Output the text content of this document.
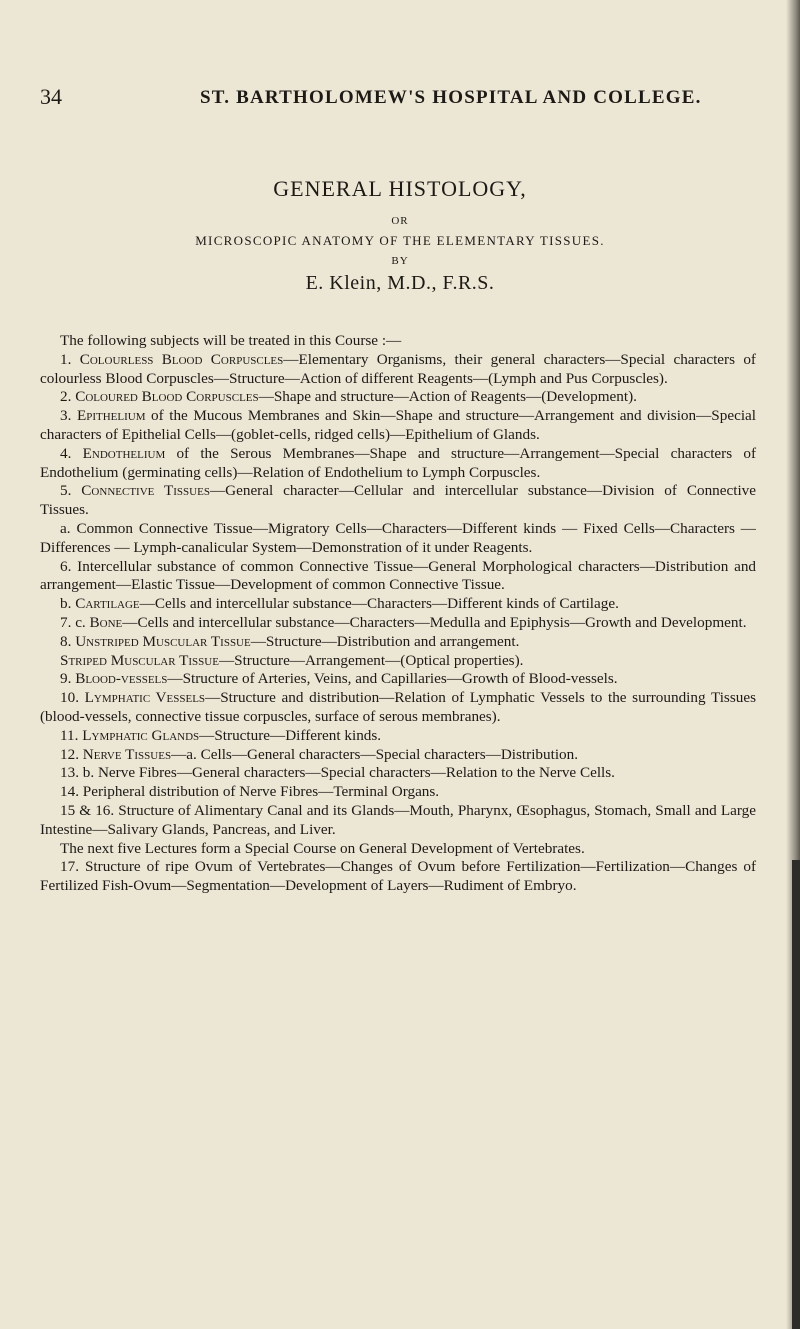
34	ST. BARTHOLOMEW'S HOSPITAL AND COLLEGE.
GENERAL HISTOLOGY,
OR
MICROSCOPIC ANATOMY OF THE ELEMENTARY TISSUES.
BY
E. Klein, M.D., F.R.S.

The following subjects will be treated in this Course :—

1. Colourless Blood Corpuscles—Elementary Organisms, their general characters—Special characters of colourless Blood Corpuscles—Structure—Action of different Reagents—(Lymph and Pus Corpuscles).

2. Coloured Blood Corpuscles—Shape and structure—Action of Reagents—(Development).

3. Epithelium of the Mucous Membranes and Skin—Shape and structure—Arrangement and division—Special characters of Epithelial Cells—(goblet-cells, ridged cells)—Epithelium of Glands.

4. Endothelium of the Serous Membranes—Shape and structure—Arrangement—Special characters of Endothelium (germinating cells)—Relation of Endothelium to Lymph Corpuscles.

5. Connective Tissues—General character—Cellular and intercellular substance—Division of Connective Tissues.

a. Common Connective Tissue—Migratory Cells—Characters—Different kinds — Fixed Cells—Characters — Differences — Lymph-canalicular System—Demonstration of it under Reagents.

6. Intercellular substance of common Connective Tissue—General Morphological characters—Distribution and arrangement—Elastic Tissue—Development of common Connective Tissue.

b. Cartilage—Cells and intercellular substance—Characters—Different kinds of Cartilage.

7. c. Bone—Cells and intercellular substance—Characters—Medulla and Epiphysis—Growth and Development.

8. Unstriped Muscular Tissue—Structure—Distribution and arrangement.

Striped Muscular Tissue—Structure—Arrangement—(Optical properties).

9. Blood-vessels—Structure of Arteries, Veins, and Capillaries—Growth of Blood-vessels.

10. Lymphatic Vessels—Structure and distribution—Relation of Lymphatic Vessels to the surrounding Tissues (blood-vessels, connective tissue corpuscles, surface of serous membranes).

11. Lymphatic Glands—Structure—Different kinds.

12. Nerve Tissues—a. Cells—General characters—Special characters—Distribution.

13. b. Nerve Fibres—General characters—Special characters—Relation to the Nerve Cells.

14. Peripheral distribution of Nerve Fibres—Terminal Organs.

15 & 16. Structure of Alimentary Canal and its Glands—Mouth, Pharynx, Œsophagus, Stomach, Small and Large Intestine—Salivary Glands, Pancreas, and Liver.

The next five Lectures form a Special Course on General Development of Vertebrates.

17. Structure of ripe Ovum of Vertebrates—Changes of Ovum before Fertilization—Fertilization—Changes of Fertilized Fish-Ovum—Segmentation—Development of Layers—Rudiment of Embryo.
